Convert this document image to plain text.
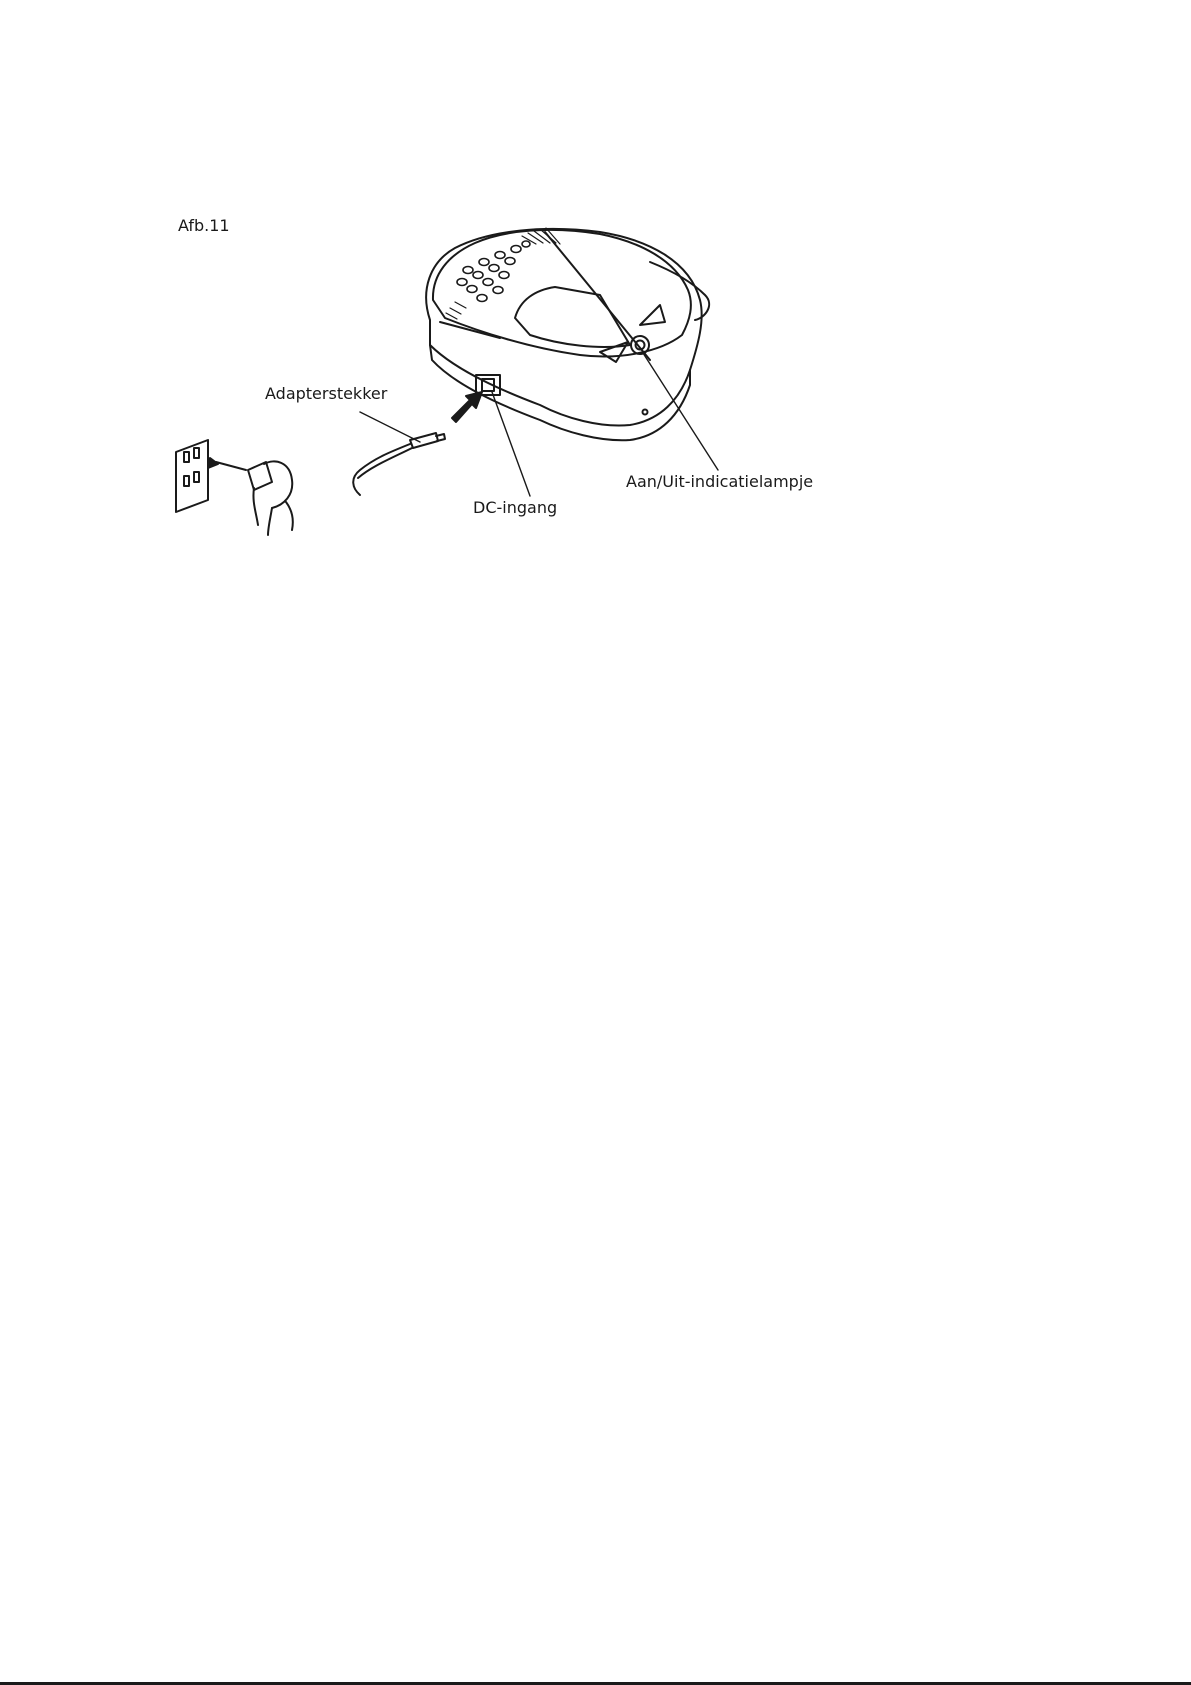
Afb.11
Adapterstekker
DC-ingang
Aan/Uit-indicatielampje
